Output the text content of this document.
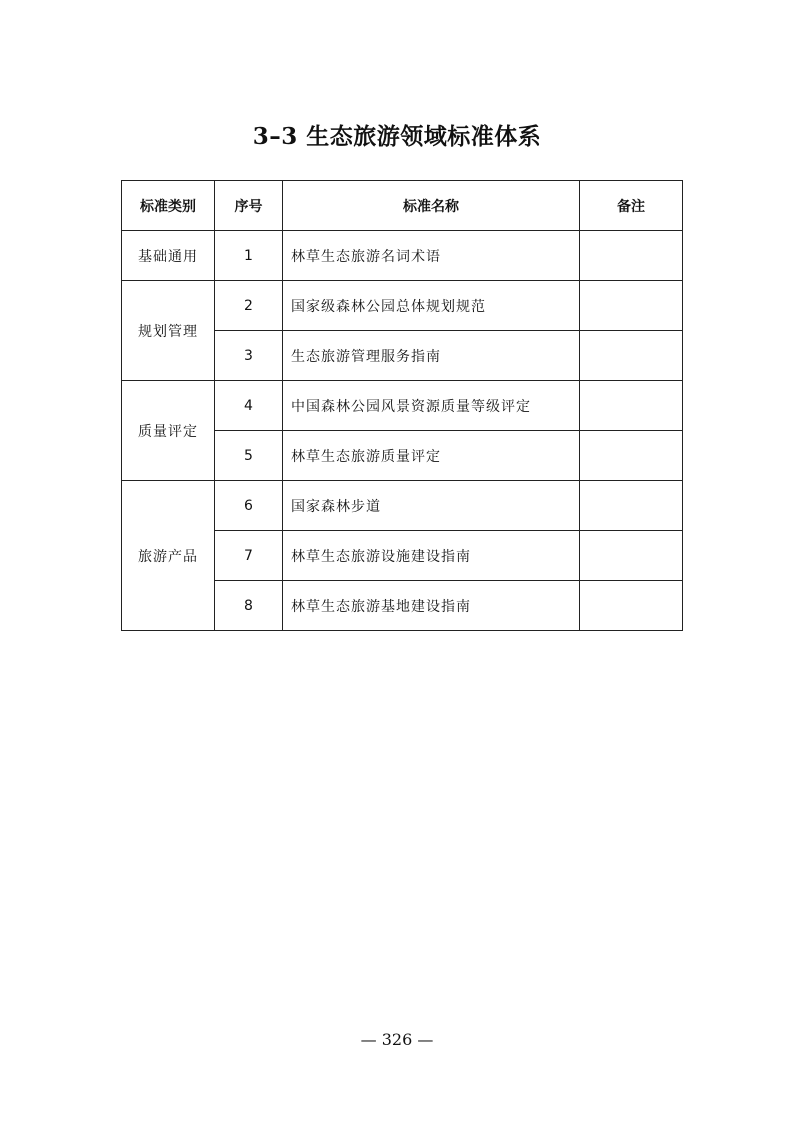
3–3 生态旅游领域标准体系
标准类别	序号	标准名称	备注
基础通用	1	林草生态旅游名词术语	
规划管理	2	国家级森林公园总体规划规范	
	3	生态旅游管理服务指南	
质量评定	4	中国森林公园风景资源质量等级评定	
	5	林草生态旅游质量评定	
旅游产品	6	国家森林步道	
	7	林草生态旅游设施建设指南	
	8	林草生态旅游基地建设指南	
— 326 —
